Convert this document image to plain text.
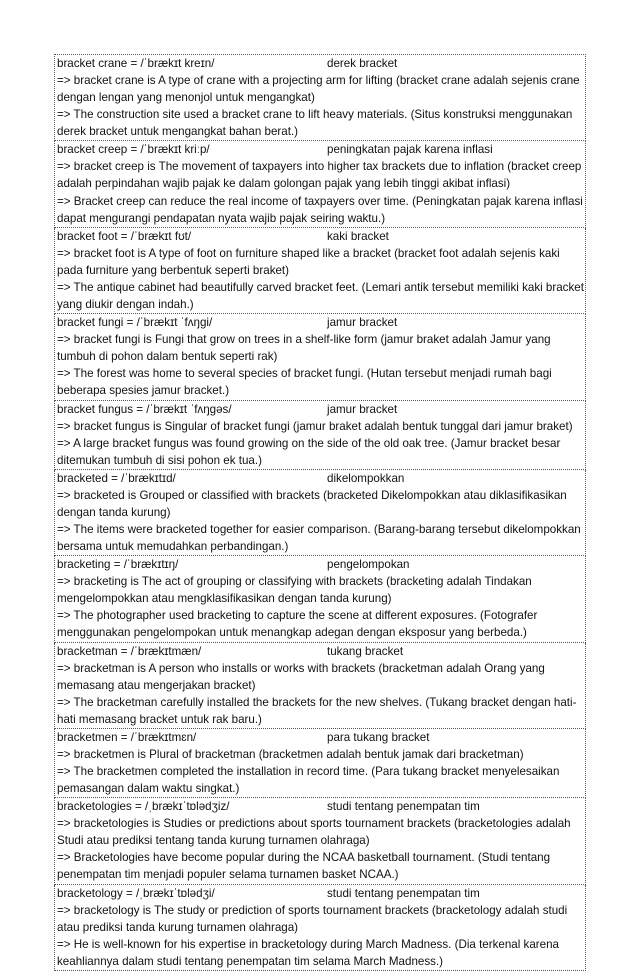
bracket crane = /ˈbrækɪt kreɪn/	derek bracket
=> bracket crane is A type of crane with a projecting arm for lifting (bracket crane adalah sejenis crane dengan lengan yang menonjol untuk mengangkat)
=> The construction site used a bracket crane to lift heavy materials. (Situs konstruksi menggunakan derek bracket untuk mengangkat bahan berat.)
bracket creep = /ˈbrækɪt kriːp/	peningkatan pajak karena inflasi
=> bracket creep is The movement of taxpayers into higher tax brackets due to inflation (bracket creep adalah perpindahan wajib pajak ke dalam golongan pajak yang lebih tinggi akibat inflasi)
=> Bracket creep can reduce the real income of taxpayers over time. (Peningkatan pajak karena inflasi dapat mengurangi pendapatan nyata wajib pajak seiring waktu.)
bracket foot = /ˈbrækɪt fʊt/	kaki bracket
=> bracket foot is A type of foot on furniture shaped like a bracket (bracket foot adalah sejenis kaki pada furniture yang berbentuk seperti braket)
=> The antique cabinet had beautifully carved bracket feet. (Lemari antik tersebut memiliki kaki bracket yang diukir dengan indah.)
bracket fungi = /ˈbrækɪt ˈfʌŋgi/	jamur bracket
=> bracket fungi is Fungi that grow on trees in a shelf-like form (jamur braket adalah Jamur yang tumbuh di pohon dalam bentuk seperti rak)
=> The forest was home to several species of bracket fungi. (Hutan tersebut menjadi rumah bagi beberapa spesies jamur bracket.)
bracket fungus = /ˈbrækɪt ˈfʌŋgəs/	jamur bracket
=> bracket fungus is Singular of bracket fungi (jamur braket adalah bentuk tunggal dari jamur braket)
=> A large bracket fungus was found growing on the side of the old oak tree. (Jamur bracket besar ditemukan tumbuh di sisi pohon ek tua.)
bracketed = /ˈbrækɪtɪd/	dikelompokkan
=> bracketed is Grouped or classified with brackets (bracketed Dikelompokkan atau diklasifikasikan dengan tanda kurung)
=> The items were bracketed together for easier comparison. (Barang-barang tersebut dikelompokkan bersama untuk memudahkan perbandingan.)
bracketing = /ˈbrækɪtɪŋ/	pengelompokan
=> bracketing is The act of grouping or classifying with brackets (bracketing adalah Tindakan mengelompokkan atau mengklasifikasikan dengan tanda kurung)
=> The photographer used bracketing to capture the scene at different exposures. (Fotografer menggunakan pengelompokan untuk menangkap adegan dengan eksposur yang berbeda.)
bracketman = /ˈbrækɪtmæn/	tukang bracket
=> bracketman is A person who installs or works with brackets (bracketman adalah Orang yang memasang atau mengerjakan bracket)
=> The bracketman carefully installed the brackets for the new shelves. (Tukang bracket dengan hati-hati memasang bracket untuk rak baru.)
bracketmen = /ˈbrækɪtmɛn/	para tukang bracket
=> bracketmen is Plural of bracketman (bracketmen adalah bentuk jamak dari bracketman)
=> The bracketmen completed the installation in record time. (Para tukang bracket menyelesaikan pemasangan dalam waktu singkat.)
bracketologies = /ˌbrækɪˈtɒlədʒiz/	studi tentang penempatan tim
=> bracketologies is Studies or predictions about sports tournament brackets (bracketologies adalah Studi atau prediksi tentang tanda kurung turnamen olahraga)
=> Bracketologies have become popular during the NCAA basketball tournament. (Studi tentang penempatan tim menjadi populer selama turnamen basket NCAA.)
bracketology = /ˌbrækɪˈtɒlədʒi/	studi tentang penempatan tim
=> bracketology is The study or prediction of sports tournament brackets (bracketology adalah studi atau prediksi tanda kurung turnamen olahraga)
=> He is well-known for his expertise in bracketology during March Madness. (Dia terkenal karena keahliannya dalam studi tentang penempatan tim selama March Madness.)
